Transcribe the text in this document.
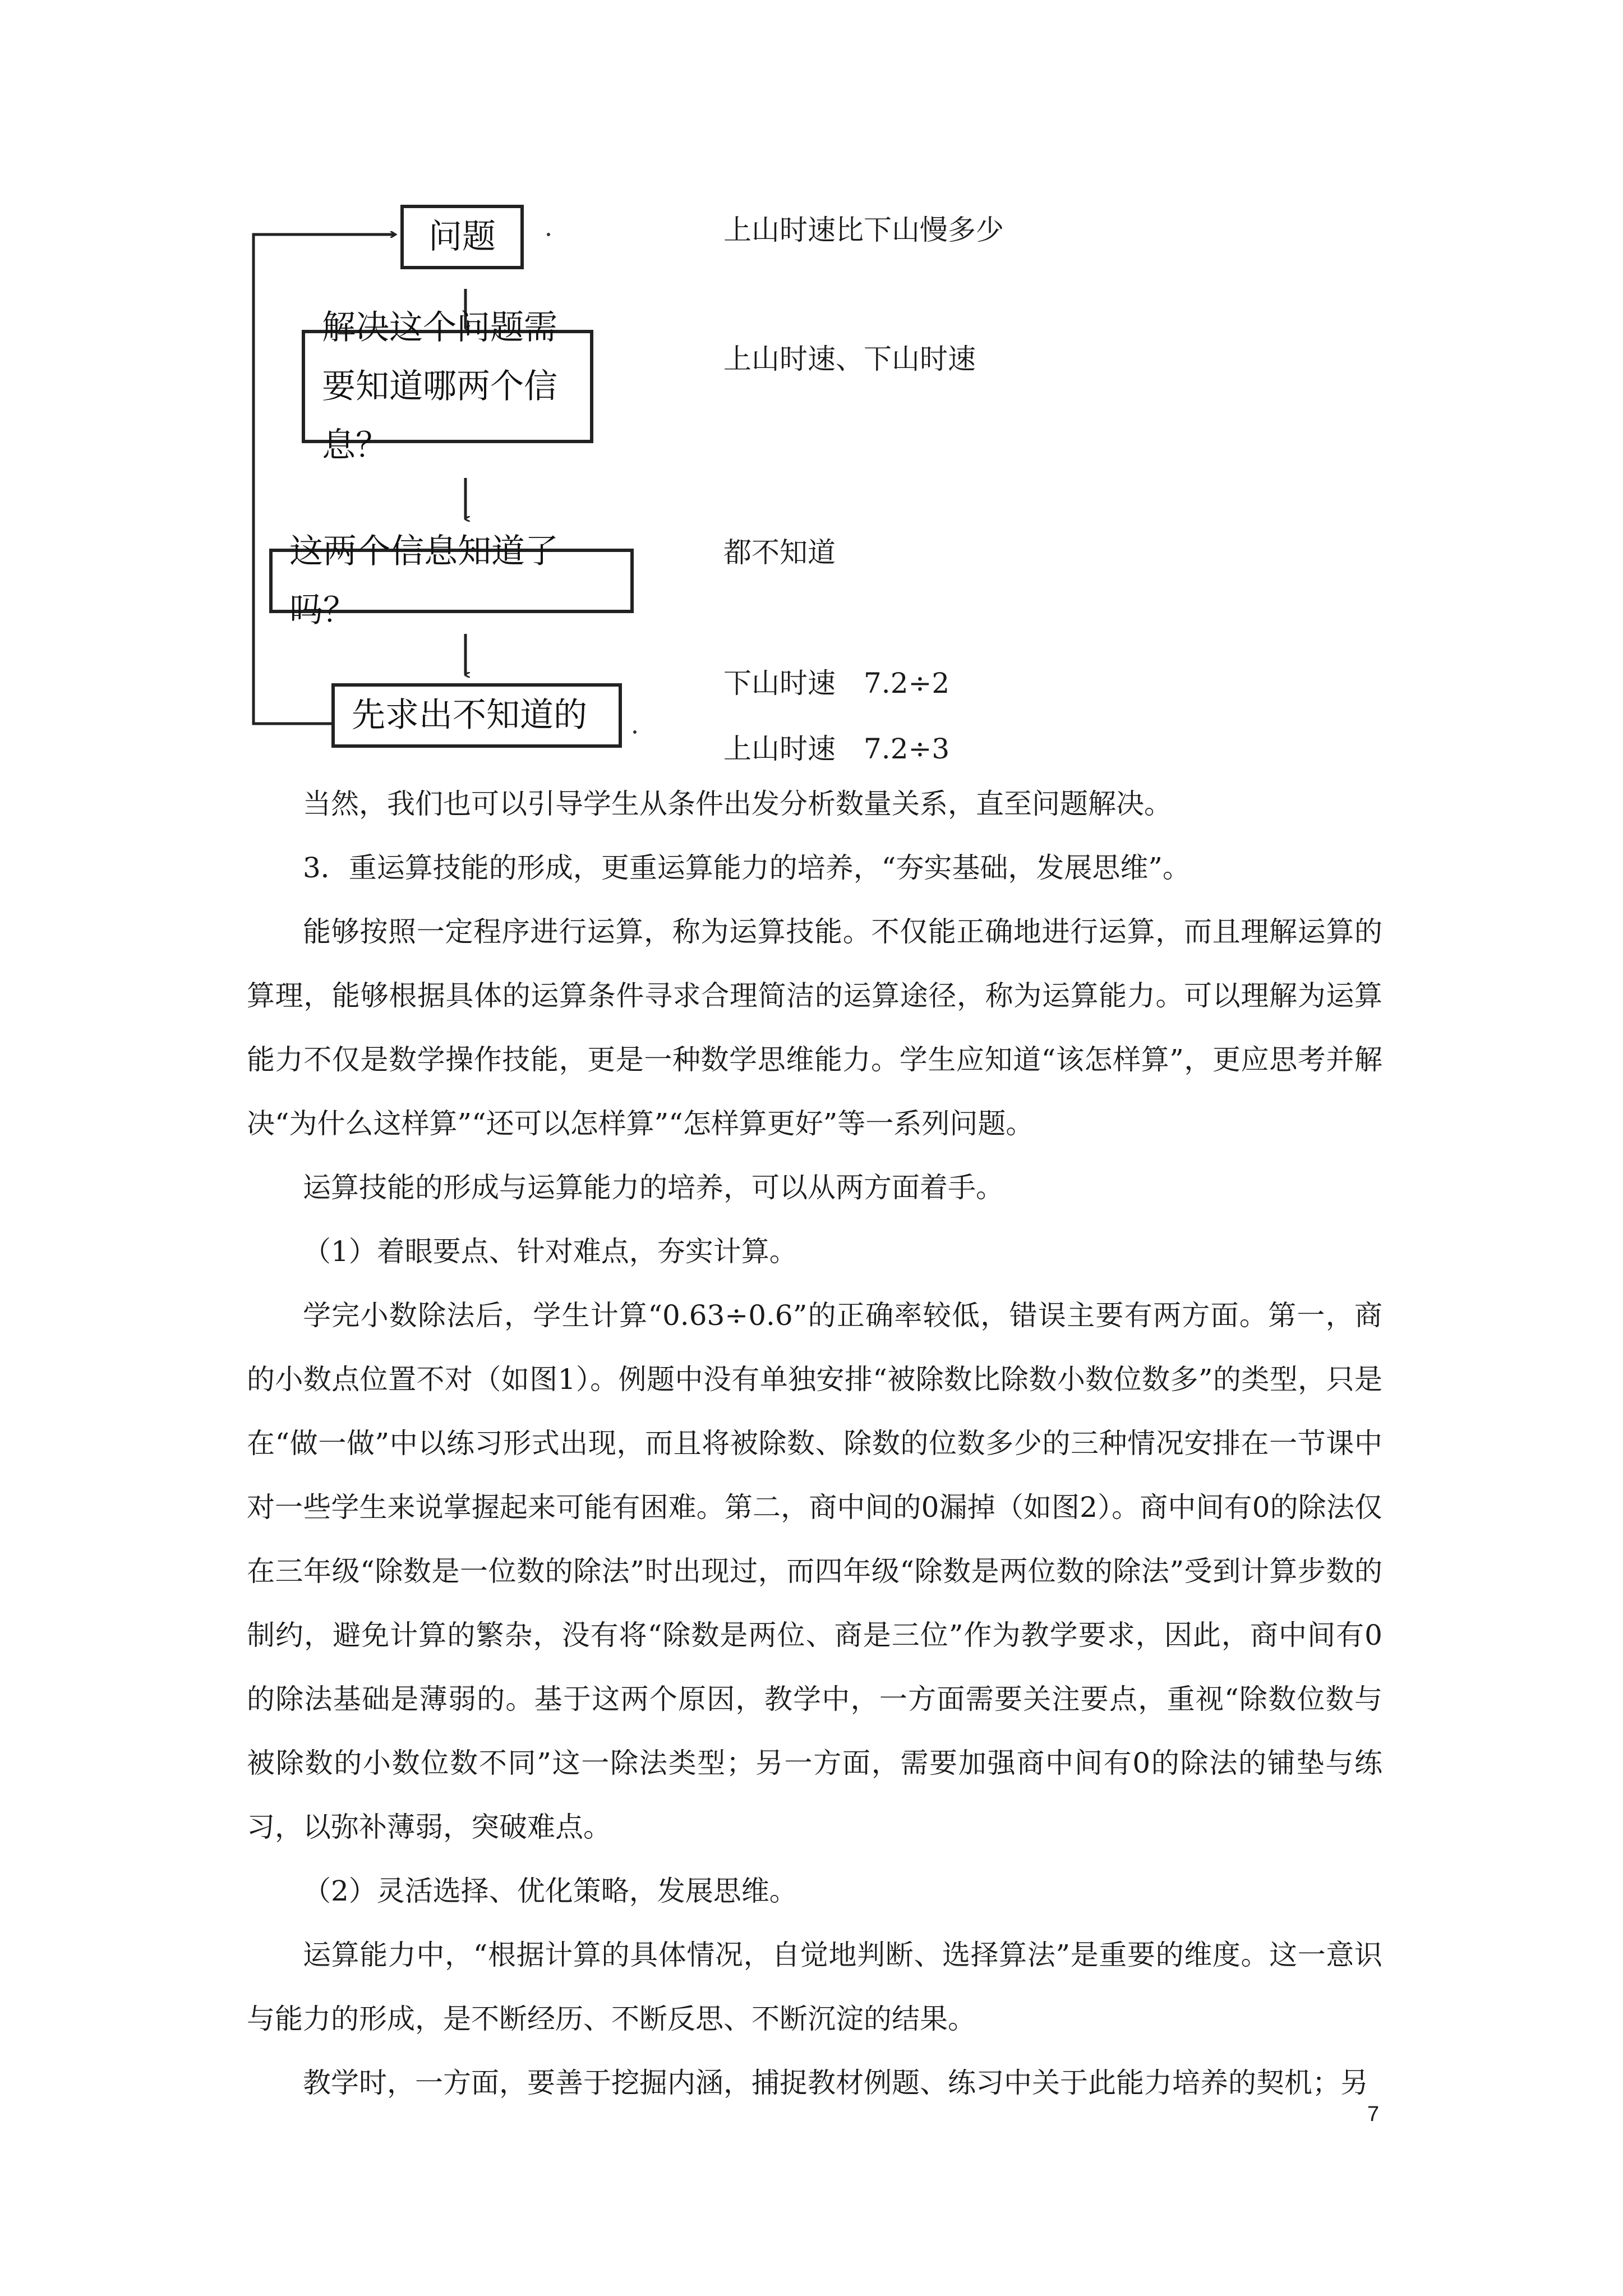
问题
解决这个问题需要知道哪两个信息？
这两个信息知道了吗？
先求出不知道的
上山时速比下山慢多少
上山时速、下山时速
都不知道
下山时速　7.2÷2
上山时速　7.2÷3

当然，我们也可以引导学生从条件出发分析数量关系，直至问题解决。

3．重运算技能的形成，更重运算能力的培养，“夯实基础，发展思维”。

能够按照一定程序进行运算，称为运算技能。不仅能正确地进行运算，而且理解运算的算理，能够根据具体的运算条件寻求合理简洁的运算途径，称为运算能力。可以理解为运算能力不仅是数学操作技能，更是一种数学思维能力。学生应知道“该怎样算”，更应思考并解决“为什么这样算”“还可以怎样算”“怎样算更好”等一系列问题。

运算技能的形成与运算能力的培养，可以从两方面着手。

（1）着眼要点、针对难点，夯实计算。

学完小数除法后，学生计算“0.63÷0.6”的正确率较低，错误主要有两方面。第一，商的小数点位置不对（如图1）。例题中没有单独安排“被除数比除数小数位数多”的类型，只是在“做一做”中以练习形式出现，而且将被除数、除数的位数多少的三种情况安排在一节课中对一些学生来说掌握起来可能有困难。第二，商中间的0漏掉（如图2）。商中间有0的除法仅在三年级“除数是一位数的除法”时出现过，而四年级“除数是两位数的除法”受到计算步数的制约，避免计算的繁杂，没有将“除数是两位、商是三位”作为教学要求，因此，商中间有0的除法基础是薄弱的。基于这两个原因，教学中，一方面需要关注要点，重视“除数位数与被除数的小数位数不同”这一除法类型；另一方面，需要加强商中间有0的除法的铺垫与练习，以弥补薄弱，突破难点。

（2）灵活选择、优化策略，发展思维。

运算能力中，“根据计算的具体情况，自觉地判断、选择算法”是重要的维度。这一意识与能力的形成，是不断经历、不断反思、不断沉淀的结果。

教学时，一方面，要善于挖掘内涵，捕捉教材例题、练习中关于此能力培养的契机；另

7
